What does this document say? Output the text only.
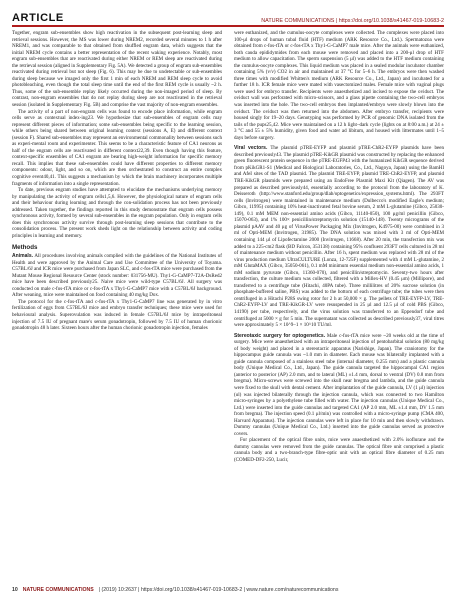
ARTICLE	NATURE COMMUNICATIONS | https://doi.org/10.1038/s41467-019-10683-2

Together, engram sub-ensembles show high reactivation in the subsequent post-learning sleep and retrieval sessions. However, the MS was lower during NREM2, recorded several minutes to 1 h after NREM1, and was comparable to that obtained from shuffled engram data, which suggests that the initial NREM cycle contains a better representation of the recent waking experience. Notably, most engram sub-ensembles that are reactivated during either NREM or REM sleep are reactivated during the retrieval session (aligned in Supplementary Fig. 5A). We detected a group of engram sub-ensembles reactivated during retrieval but not sleep (Fig. 6). This may be due to undetectable or sub-ensembles during sleep because we imaged only the first 1 min of each NREM and REM sleep cycle to avoid photobleaching, even though the total sleep time until the end of the first REM cycle is usually ~2 h. Thus, some of the sub-ensemble replay likely occurred during the non-imaged period of sleep. By contrast, non-engram ensembles that do not replay during sleep are not reactivated in the retrieval session (isolated in Supplementary Fig. 5B) and comprise the vast majority of non-engram ensembles.

The activity of a part of non-engram cells was found to encode place information, while engram cells serve as contextual index-ing23. We hypothesize that sub-ensembles of engram cells may represent different pieces of information; some sub-ensembles being specific to the learning session, while others being shared between original learning context (sessions A, E) and different context (session F). Shared sub-ensembles may represent an environmental commonality between sessions such as experi-mental room and experimenter. This seems to be a characteristic feature of CA1 neurons as half of the engram cells are reactivated in different context22,39. Even though having this feature, context-specific ensembles of CA1 engram are bearing high-weight information for specific memory recall. This implies that these sub-ensembles could have different properties to different memory components: odour, light, and so on, which are then orchestrated to construct an entire complex cognitive event40,41. This suggests a mechanism by which the brain machinery incorporates multiple fragments of information into a single representation.

To date, previous engram studies have attempted to elucidate the mechanisms underlying memory by manipulating the activity of engram cells1,5,6. However, the physiological nature of engram cells and their behaviour during learning and through the con-solidation process has not been previously addressed. Taken together, the findings reported in this study demonstrate that engram cells possess synchronous activity, formed by several sub-ensembles in the engram population. Only in engram cells does this synchronous activity survive through post-learning sleep sessions that contribute to the consolidation process. The present work sheds light on the relationship between activity and coding principles in learning and memory.

Methods

Animals. All procedures involving animals complied with the guidelines of the National Institutes of Health and were approved by the Animal Care and Use Committee of the University of Toyama. C57BL/6J and ICR mice were purchased from Japan SLC, and c-fos-tTA mice were purchased from the Mutant Mouse Regional Resource Center (stock number: 031756-MU). Thy1-G-CaMP7-T2A-DsRed2 mice have been described previously25. Naive mice were wild-type C57BL/6J. All surgery was conducted on male c-fos-tTA mice or c-fos-tTA x Thy1-G-CaMP7 mice with a C57BL/6J background. After weaning, mice were maintained on food containing 40 mg/kg Dox.

The protocol for the c-fos-tTA and c-fos-tTA x Thy1-G-CaMP7 line was generated by in vitro fertilization of eggs from C57BL/6J mice and embryo transfer techniques; these mice were used for behavioural analysis. Superovulation was induced in female C57BL/6J mice by intraperitoneal injection of 7.5 IU of pregnant mare's serum gonadotropin, followed by 7.5 IU of human chorionic gonadotropin 48 h later. Sixteen hours after the human chorionic gonadotropin injection, females

were euthanized, and the cumulus-oocyte complexes were collected. The complexes were placed into 100-μl drops of human tubal fluid (HTF) medium (ARK Resource Co., Ltd.). Spermatozoa were obtained from c-fos-tTA or c-fos-tTA x Thy1-G-CaMP7 male mice. After the animals were euthanized, both cauda epididymides from each mouse were removed and placed into a 200-μl drop of HTF medium to allow capacitation. The sperm suspension (5 μl) was added to the HTF medium containing the cumulus-oocyte complexes. This liquid medium was placed in a sealed modular incubator chamber containing 5% (v/v) CO2 in air and maintained at 37 °C for 5–6 h. The embryos were then washed three times with modified Whitten's medium (ARK Resource Co., Ltd., Japan) and incubated for a further 18 h. ICR female mice were mated with vasectomized males. Female mice with vaginal plugs were used for embryo transfer. Recipients were anaesthetized and incised to expose the oviduct. The oviduct wall was perforated with micro-scissors, and a glass pipette containing the two-cell embryos was inserted into the hole. The two-cell embryos then implanted/embryo were slowly blown into the oviduct. The oviduct was then returned into the abdomen. After embryo transfer, recipients were housed singly for 19–20 days. Genotyping was performed by PCR of genomic DNA isolated from the tails of the pups25,42. Mice were maintained on a 12 h light–dark cycle (lights on at 8:00 a.m.) at 24 ± 3 °C and 55 ± 5% humidity, given food and water ad libitum, and housed with littermates until 1–5 days before surgery.

Viral vectors. The plasmid pTRE-EYFP and plasmid pTRE-ChR2-EYFP plasmids have been described previously43. The plasmid pTRE-KikGR plasmid was constructed by replacing the enhanced green fluorescent protein sequence in the pTRE-EGFP43 with the humanized KikGR sequence derived from pKikGR1-S1 (Medical and Biological Laboratories, Co., Ltd., Nagoya, Japan) using the BamHI and AfeI sites of the TAD plasmid. The plasmid TRE-EYFP, plasmid TRE-ChR2-EYFP, and plasmid TRE-KikGR plasmids were prepared using an EndoFree Plasmid Maxi Kit (Qiagen). The AV was prepared as described previously44, essentially according to the protocol from the laboratory of K. Deisseroth (http://www.stanford.edu/group/dlab/optogenetics/expression_systems.html). The 293FT cells (Invitrogen) were maintained in maintenance medium (Dulbecco's modified Eagle's medium; Gibco, 11995) containing 10% heat-inactivated fetal bovine serum, 2 mM L-glutamine (Gibco, 25030-149), 0.1 mM MEM non-essential amino acids (Gibco, 11140-050), 100 μg/ml penicillin (Gibco, 15070-063), and 1% 100× penicillin/streptomycin solution (15140-148). Twenty micrograms of the plasmid pAAV and 40 μg of VirusPower Packaging Mix (Invitrogen, K4975-00) were combined in 3 ml of Opti-MEM (Invitrogen, 31985). The DNA solution was mixed with 3 ml of Opti-MEM containing 144 μl of Lipofectamine 2000 (Invitrogen, 11668). After 20 min, the transfection mix was added to a 225-cm2 flask (BD Falcon, 353138) containing 95% confluent 293FT cells cultured in 28 ml of maintenance medium without penicillin. After 16 h, spent medium was replaced with 28 ml of the virus production medium UltraCULTURE (Lonza, 12-725F) supplemented with 4 mM L-glutamine, 2 mM GlutaMAX (Gibco, 35050-061), 0.1 mM minimum essential medium non-essential amino acids, 1 mM sodium pyruvate (Gibco, 11360-070), and penicillin/streptomycin. Seventy-two hours after transfection, the culture medium was collected, filtered with a Millex-HV (0.45 μm) (Millipore), and transferred to a centrifuge tube (Hitachi, 40PA tube). Three millilitres of 20% sucrose solution (in phosphate-buffered saline, PBS) was added to the bottom of each centrifuge tube; the tubes were then centrifuged in a Hitachi P28S swing rotor for 2 h at 50,000 × g. The pellets of TRE-EYFP-LV, TRE-ChR2-EYFP-LV and TRE-KikGR-LV were resuspended in 25 μl and 12.5 μl of cold PBS (Gibco, 14190) per tube, respectively, and the virus solution was transferred to an Eppendorf tube and centrifuged at 5000 × g for 5 min. The supernatant was collected as described previously37, viral titres were approximately 5 × 10^9–1 × 10^10 TU/ml.

Stereotaxic surgery for optogenetics. Male c-fos-tTA mice were ~20 weeks old at the time of surgery. Mice were anaesthetized with an intraperitoneal injection of pentobarbital solution (80 mg/kg of body weight) and placed in a stereotactic apparatus (Narishige, Japan). The craniotomy for the hippocampus guide cannula was ~1.0 mm in diameter. Each mouse was bilaterally implanted with a guide cannula composed of a stainless steel tube (internal diameter, 0.255 mm) and a plastic cannula body (Unique Medical Co., Ltd., Japan). The guide cannula targeted the hippocampal CA1 region (anterior to posterior (AP) 2.0 mm, and to lateral (ML) ±1.4 mm, dorsal to ventral (DV) 0.8 mm from bregma). Micro-screws were screwed into the skull near bregma and lambda, and the guide cannula were fixed to the skull with dental cement. After implantation of the guide cannula, LV (1 μl) injection (ul) was injected bilaterally through the injection cannula, which was connected to two Hamilton micro-syringes by a polyethylene tube filled with water. The injection cannulas (Unique Medical Co., Ltd.) were inserted into the guide cannulas and targeted CA1 (AP 2.0 mm, ML ±1.4 mm, DV 1.5 mm from bregma). The injection speed (0.1 μl/min) was controlled with a micro-syringe pump (CMA 400, Harvard Apparatus). The injection cannulas were left in place for 10 min and then slowly withdrawn. Dummy cannulas (Unique Medical Co., Ltd.) inserted into the guide cannulas served as protective covers.

For placement of the optical fibre units, mice were anaesthetized with 2.0% isoflurane and the dummy cannulas were removed from the guide cannulas. The optical fibre unit comprised a plastic cannula body and a two-branch-type fibre-optic unit with an optical fibre diameter of 0.25 mm (COMED-DF2-250, Lucir,

10 NATURE COMMUNICATIONS | (2019) 10:2637 | https://doi.org/10.1038/s41467-019-10683-2 | www.nature.com/naturecommunications
